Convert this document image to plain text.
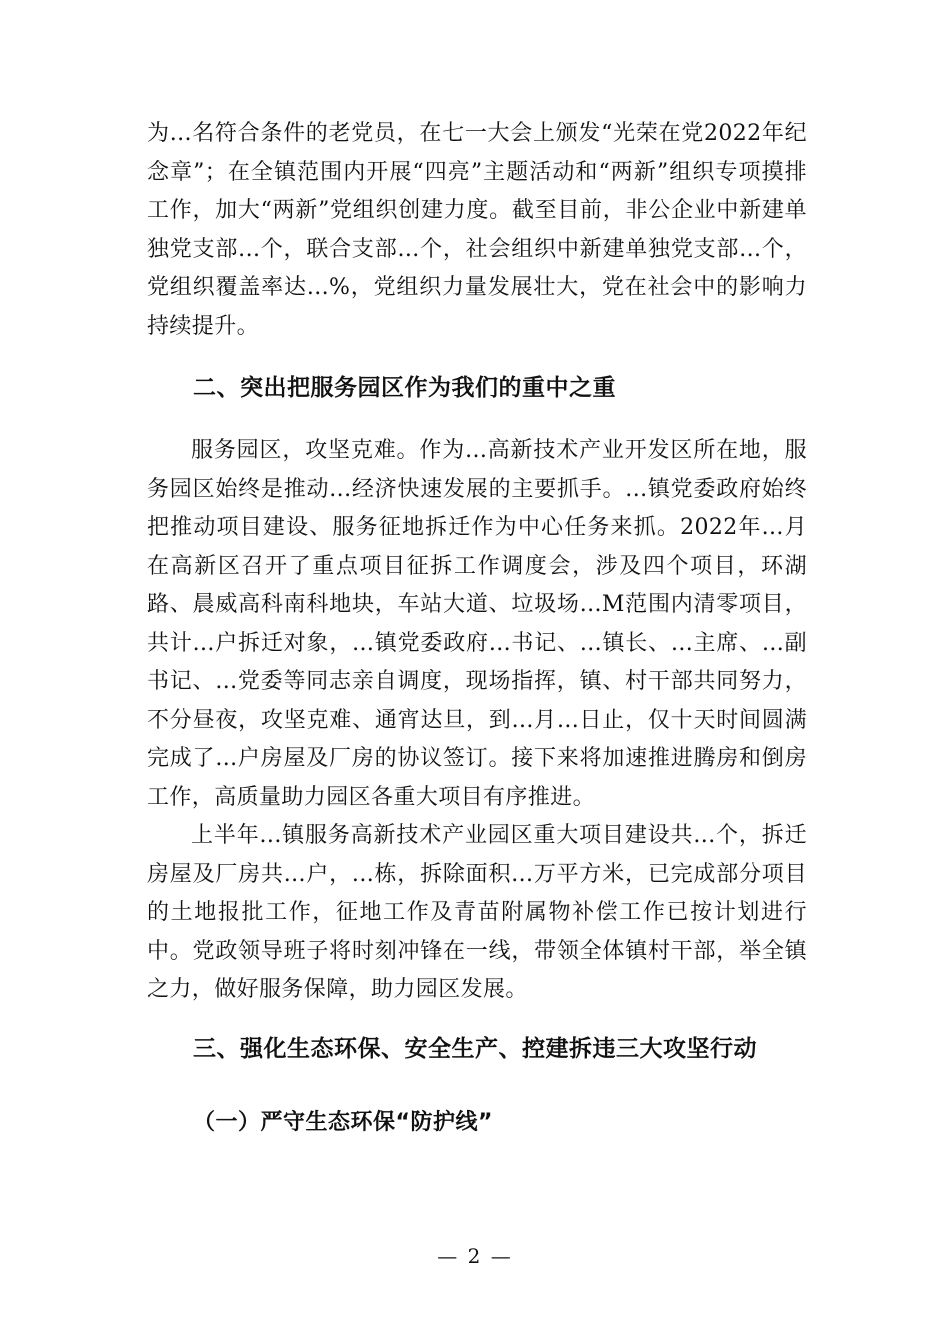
为...名符合条件的老党员，在七一大会上颁发“光荣在党2022年纪念章”；在全镇范围内开展“四亮”主题活动和“两新”组织专项摸排工作，加大“两新”党组织创建力度。截至目前，非公企业中新建单独党支部...个，联合支部...个，社会组织中新建单独党支部...个，党组织覆盖率达...%，党组织力量发展壮大，党在社会中的影响力持续提升。

二、突出把服务园区作为我们的重中之重

服务园区，攻坚克难。作为...高新技术产业开发区所在地，服务园区始终是推动...经济快速发展的主要抓手。...镇党委政府始终把推动项目建设、服务征地拆迁作为中心任务来抓。2022年...月在高新区召开了重点项目征拆工作调度会，涉及四个项目，环湖路、晨威高科南科地块，车站大道、垃圾场...M范围内清零项目，共计...户拆迁对象，...镇党委政府...书记、...镇长、...主席、...副书记、...党委等同志亲自调度，现场指挥，镇、村干部共同努力，不分昼夜，攻坚克难、通宵达旦，到...月...日止，仅十天时间圆满完成了...户房屋及厂房的协议签订。接下来将加速推进腾房和倒房工作，高质量助力园区各重大项目有序推进。

上半年...镇服务高新技术产业园区重大项目建设共...个，拆迁房屋及厂房共...户，...栋，拆除面积...万平方米，已完成部分项目的土地报批工作，征地工作及青苗附属物补偿工作已按计划进行中。党政领导班子将时刻冲锋在一线，带领全体镇村干部，举全镇之力，做好服务保障，助力园区发展。

三、强化生态环保、安全生产、控建拆违三大攻坚行动
（一）严守生态环保“防护线”
— 2 —
